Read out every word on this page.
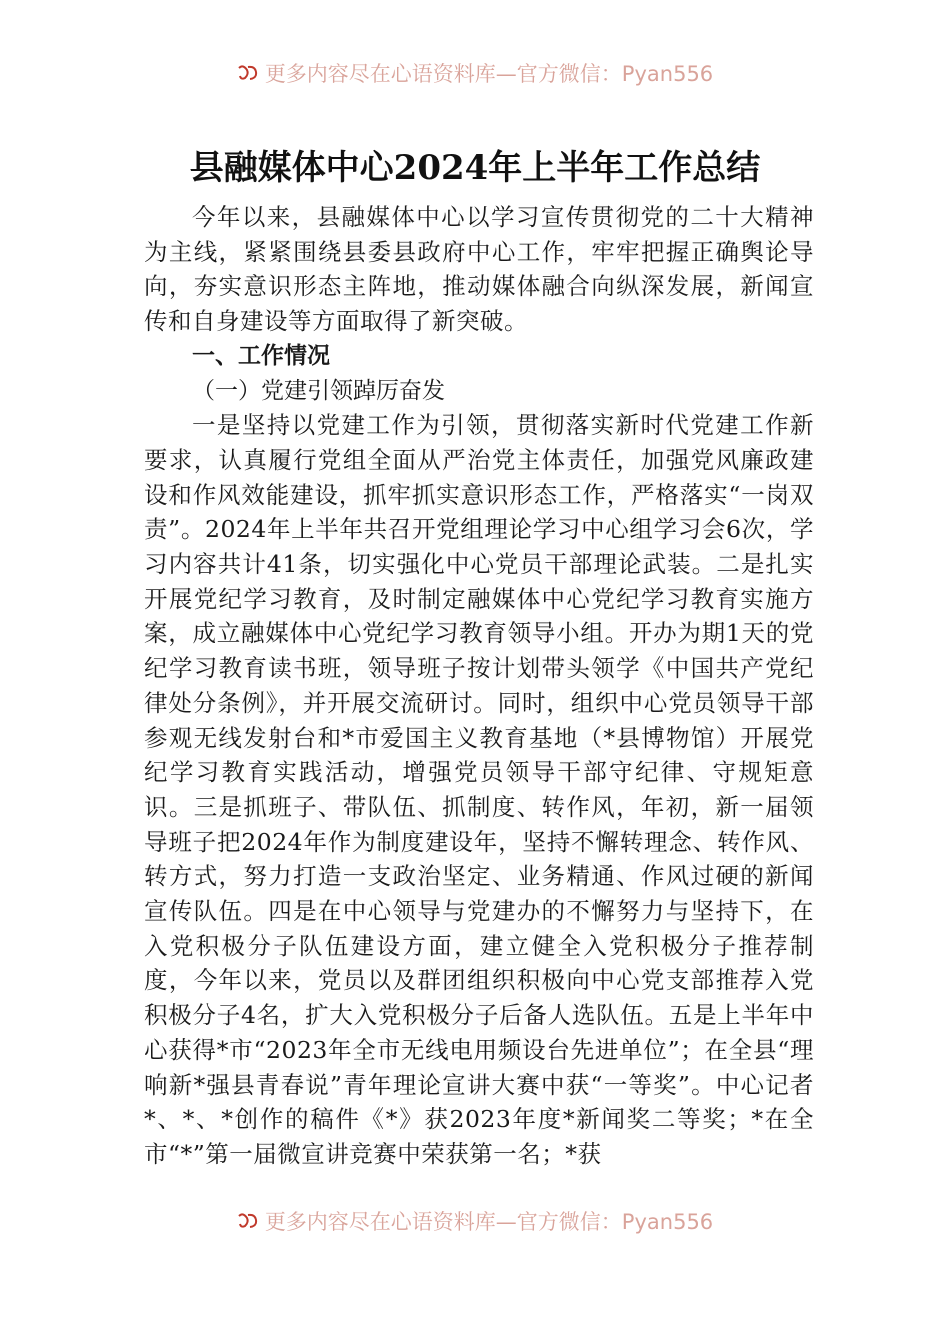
更多内容尽在心语资料库—官方微信：Pyan556
县融媒体中心2024年上半年工作总结

今年以来，县融媒体中心以学习宣传贯彻党的二十大精神为主线，紧紧围绕县委县政府中心工作，牢牢把握正确舆论导向，夯实意识形态主阵地，推动媒体融合向纵深发展，新闻宣传和自身建设等方面取得了新突破。

一、工作情况

（一）党建引领踔厉奋发

一是坚持以党建工作为引领，贯彻落实新时代党建工作新要求，认真履行党组全面从严治党主体责任，加强党风廉政建设和作风效能建设，抓牢抓实意识形态工作，严格落实“一岗双责”。2024年上半年共召开党组理论学习中心组学习会6次，学习内容共计41条，切实强化中心党员干部理论武装。二是扎实开展党纪学习教育，及时制定融媒体中心党纪学习教育实施方案，成立融媒体中心党纪学习教育领导小组。开办为期1天的党纪学习教育读书班，领导班子按计划带头领学《中国共产党纪律处分条例》，并开展交流研讨。同时，组织中心党员领导干部参观无线发射台和*市爱国主义教育基地（*县博物馆）开展党纪学习教育实践活动，增强党员领导干部守纪律、守规矩意识。三是抓班子、带队伍、抓制度、转作风，年初，新一届领导班子把2024年作为制度建设年，坚持不懈转理念、转作风、转方式，努力打造一支政治坚定、业务精通、作风过硬的新闻宣传队伍。四是在中心领导与党建办的不懈努力与坚持下，在入党积极分子队伍建设方面，建立健全入党积极分子推荐制度，今年以来，党员以及群团组织积极向中心党支部推荐入党积极分子4名，扩大入党积极分子后备人选队伍。五是上半年中心获得*市“2023年全市无线电用频设台先进单位”；在全县“理响新*强县青春说”青年理论宣讲大赛中获“一等奖”。中心记者*、*、*创作的稿件《*》获2023年度*新闻奖二等奖；*在全市“*”第一届微宣讲竞赛中荣获第一名；*获

更多内容尽在心语资料库—官方微信：Pyan556
